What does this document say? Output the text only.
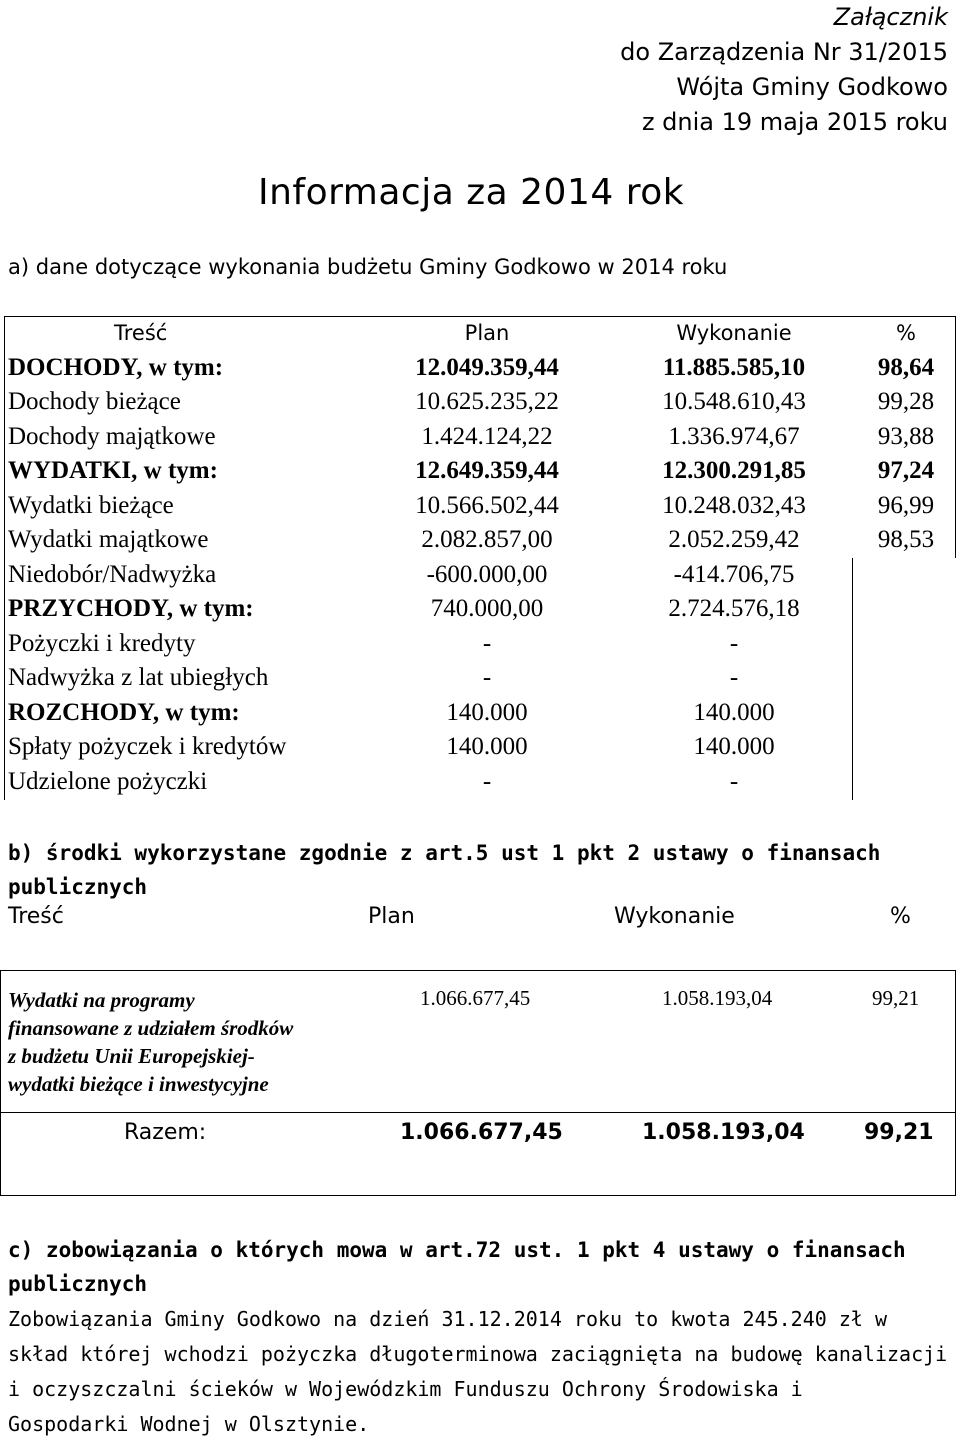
Załącznik
do Zarządzenia Nr 31/2015
Wójta Gminy Godkowo
z dnia 19 maja 2015 roku
Informacja za 2014 rok
a) dane dotyczące wykonania budżetu Gminy Godkowo w 2014 roku
Treść	Plan	Wykonanie	%
DOCHODY, w tym:	12.049.359,44	11.885.585,10	98,64
Dochody bieżące	10.625.235,22	10.548.610,43	99,28
Dochody majątkowe	1.424.124,22	1.336.974,67	93,88
WYDATKI, w tym:	12.649.359,44	12.300.291,85	97,24
Wydatki bieżące	10.566.502,44	10.248.032,43	96,99
Wydatki majątkowe	2.082.857,00	2.052.259,42	98,53
Niedobór/Nadwyżka	-600.000,00	-414.706,75
PRZYCHODY, w tym:	740.000,00	2.724.576,18
Pożyczki i kredyty	-	-
Nadwyżka z lat ubiegłych	-	-
ROZCHODY, w tym:	140.000	140.000
Spłaty pożyczek i kredytów	140.000	140.000
Udzielone pożyczki	-	-
b) środki wykorzystane zgodnie z art.5 ust 1 pkt 2 ustawy o finansach
publicznych
Treść	Plan	Wykonanie	%
Wydatki na programy
finansowane z udziałem środków
z budżetu Unii Europejskiej-
wydatki bieżące i inwestycyjne
1.066.677,45	1.058.193,04	99,21
Razem:	1.066.677,45	1.058.193,04	99,21
c) zobowiązania o których mowa w art.72 ust. 1 pkt 4 ustawy o finansach
publicznych
Zobowiązania Gminy Godkowo na dzień 31.12.2014 roku to kwota 245.240 zł w
skład której wchodzi pożyczka długoterminowa zaciągnięta na budowę kanalizacji
i oczyszczalni ścieków w Wojewódzkim Funduszu Ochrony Środowiska i
Gospodarki Wodnej w Olsztynie.
